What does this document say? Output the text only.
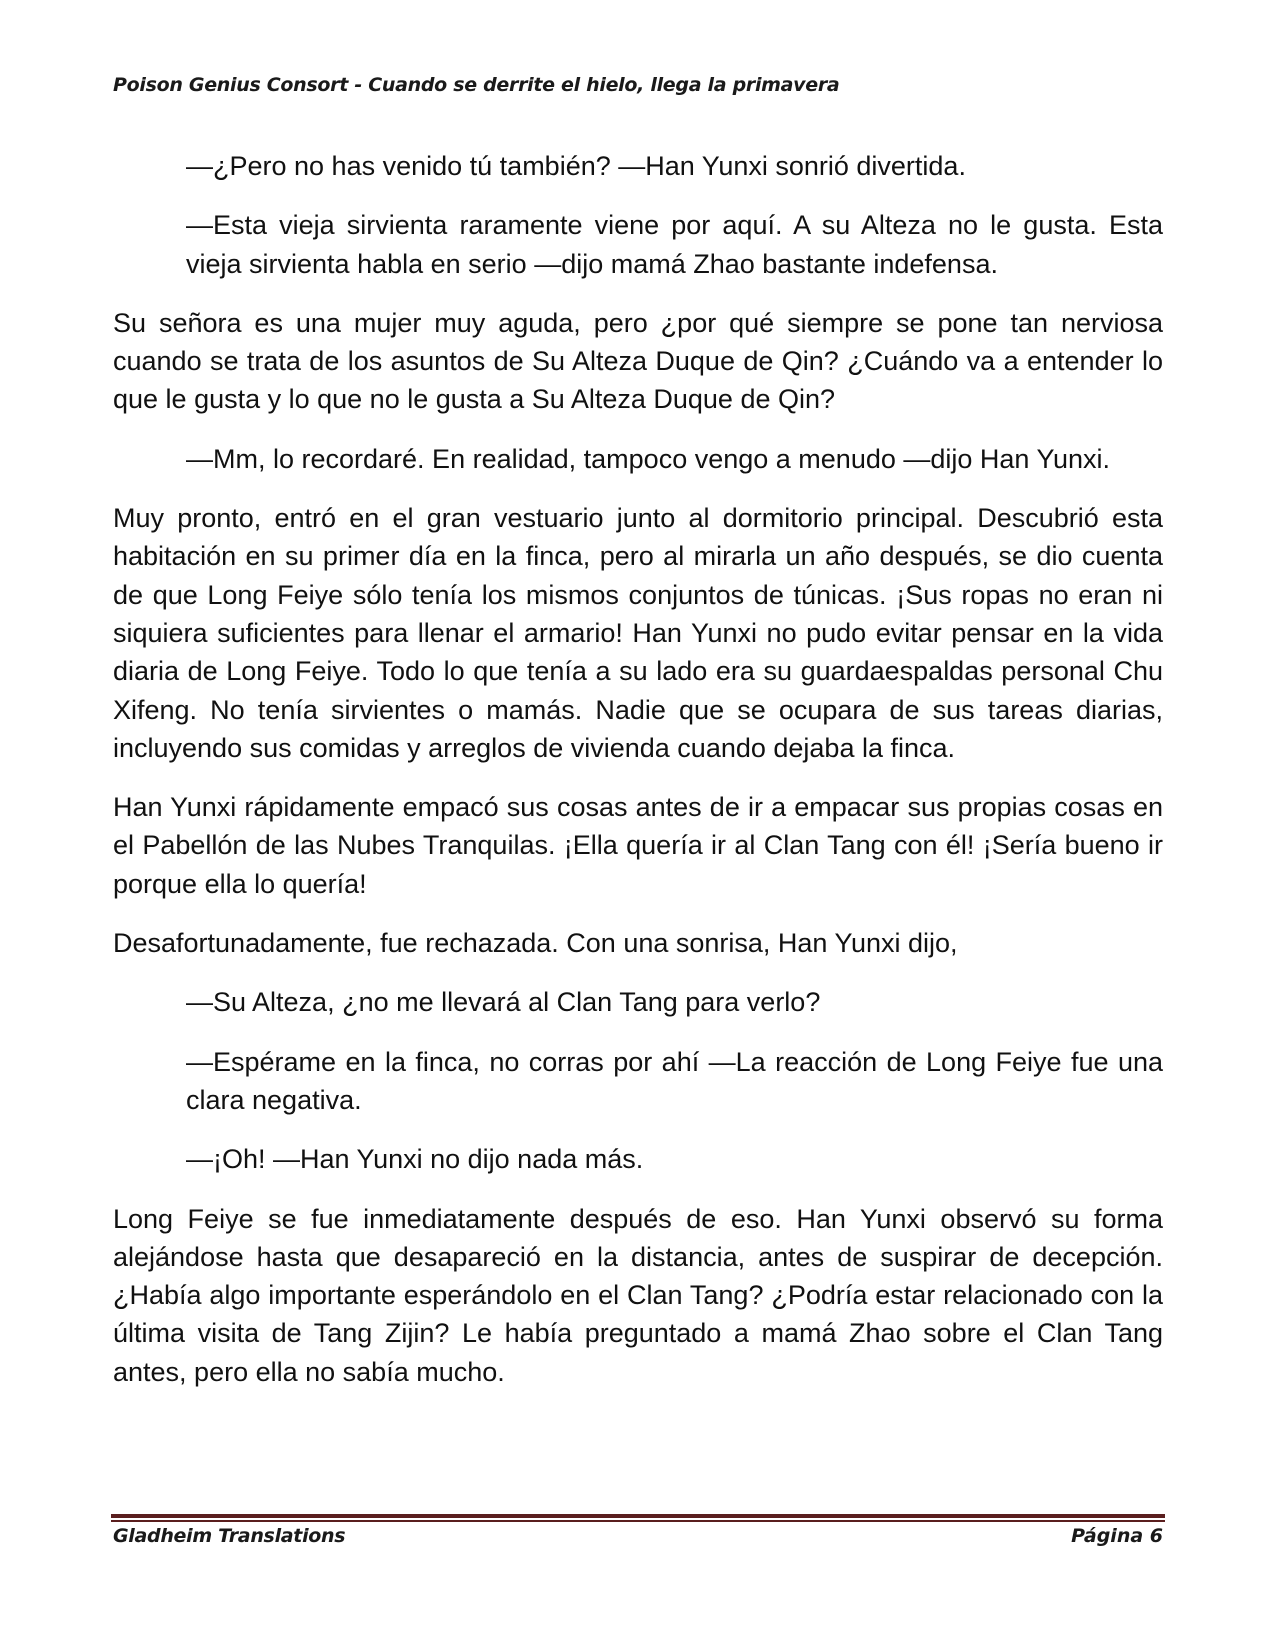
Poison Genius Consort - Cuando se derrite el hielo, llega la primavera

—¿Pero no has venido tú también? —Han Yunxi sonrió divertida.

—Esta vieja sirvienta raramente viene por aquí. A su Alteza no le gusta. Esta vieja sirvienta habla en serio —dijo mamá Zhao bastante indefensa.

Su señora es una mujer muy aguda, pero ¿por qué siempre se pone tan nerviosa cuando se trata de los asuntos de Su Alteza Duque de Qin? ¿Cuándo va a entender lo que le gusta y lo que no le gusta a Su Alteza Duque de Qin?

—Mm, lo recordaré. En realidad, tampoco vengo a menudo —dijo Han Yunxi.

Muy pronto, entró en el gran vestuario junto al dormitorio principal. Descubrió esta habitación en su primer día en la finca, pero al mirarla un año después, se dio cuenta de que Long Feiye sólo tenía los mismos conjuntos de túnicas. ¡Sus ropas no eran ni siquiera suficientes para llenar el armario! Han Yunxi no pudo evitar pensar en la vida diaria de Long Feiye. Todo lo que tenía a su lado era su guardaespaldas personal Chu Xifeng. No tenía sirvientes o mamás. Nadie que se ocupara de sus tareas diarias, incluyendo sus comidas y arreglos de vivienda cuando dejaba la finca.

Han Yunxi rápidamente empacó sus cosas antes de ir a empacar sus propias cosas en el Pabellón de las Nubes Tranquilas. ¡Ella quería ir al Clan Tang con él! ¡Sería bueno ir porque ella lo quería!

Desafortunadamente, fue rechazada. Con una sonrisa, Han Yunxi dijo,

—Su Alteza, ¿no me llevará al Clan Tang para verlo?

—Espérame en la finca, no corras por ahí —La reacción de Long Feiye fue una clara negativa.

—¡Oh! —Han Yunxi no dijo nada más.

Long Feiye se fue inmediatamente después de eso. Han Yunxi observó su forma alejándose hasta que desapareció en la distancia, antes de suspirar de decepción. ¿Había algo importante esperándolo en el Clan Tang? ¿Podría estar relacionado con la última visita de Tang Zijin? Le había preguntado a mamá Zhao sobre el Clan Tang antes, pero ella no sabía mucho.

Gladheim Translations	Página 6
